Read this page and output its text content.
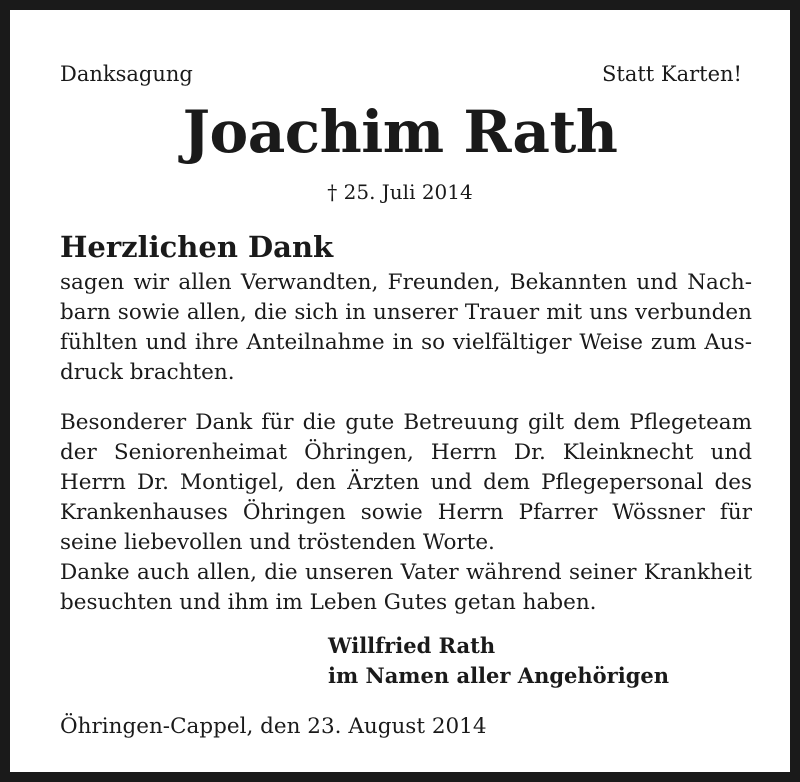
Danksagung	Statt Karten!
Joachim Rath
† 25. Juli 2014
Herzlichen Dank
sagen wir allen Verwandten, Freunden, Bekannten und Nach-
barn sowie allen, die sich in unserer Trauer mit uns verbunden
fühlten und ihre Anteilnahme in so vielfältiger Weise zum Aus-
druck brachten.
Besonderer Dank für die gute Betreuung gilt dem Pflegeteam
der Seniorenheimat Öhringen, Herrn Dr. Kleinknecht und
Herrn Dr. Montigel, den Ärzten und dem Pflegepersonal des
Krankenhauses Öhringen sowie Herrn Pfarrer Wössner für
seine liebevollen und tröstenden Worte.
Danke auch allen, die unseren Vater während seiner Krankheit
besuchten und ihm im Leben Gutes getan haben.
Willfried Rath
im Namen aller Angehörigen
Öhringen-Cappel, den 23. August 2014
